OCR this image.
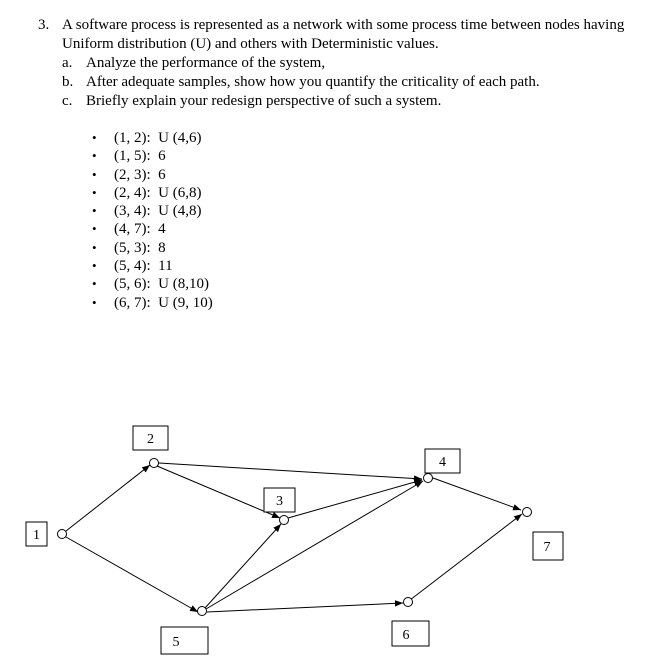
3. A software process is represented as a network with some process time between nodes having Uniform distribution (U) and others with Deterministic values.
a. Analyze the performance of the system,
b. After adequate samples, show how you quantify the criticality of each path.
c. Briefly explain your redesign perspective of such a system.
•	(1, 2):  U (4,6)
•	(1, 5):  6
•	(2, 3):  6
•	(2, 4):  U (6,8)
•	(3, 4):  U (4,8)
•	(4, 7):  4
•	(5, 3):  8
•	(5, 4):  11
•	(5, 6):  U (8,10)
•	(6, 7):  U (9, 10)
1
2
3
4
5	6
7
